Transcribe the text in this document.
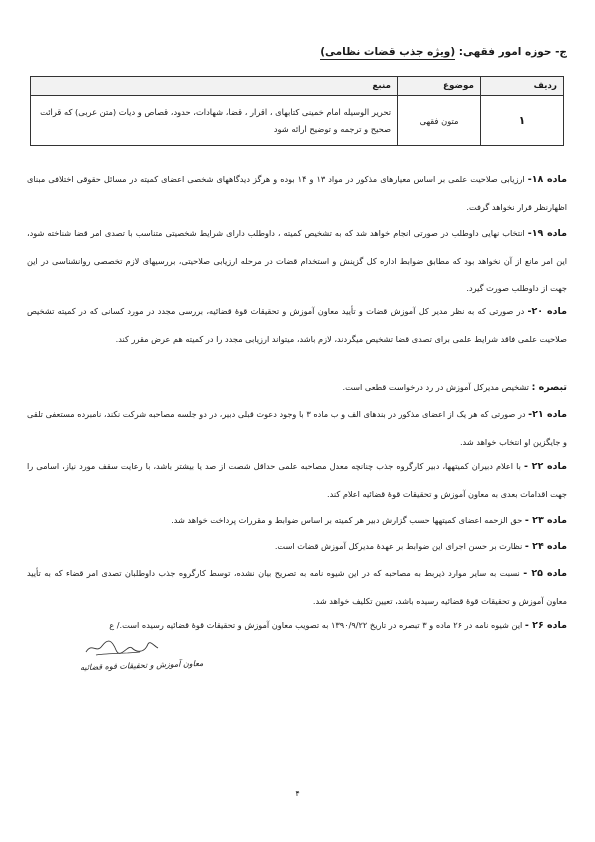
ج- حوزه امور فقهی: (ویژه جذب قضات نظامی)
ردیف	موضوع	منبع
۱	متون فقهی	تحریر الوسیله امام خمینی کتابهای ، اقرار ، قضا، شهادات، حدود، قصاص و دیات (متن عربی) که قرائت صحیح و ترجمه و توضیح ارائه شود

ماده ۱۸- ارزیابی صلاحیت علمی بر اساس معیارهای مذکور در مواد ۱۳ و ۱۴ بوده و هرگز دیدگاههای شخصی اعضای کمیته در مسائل حقوقی اختلافی مبنای اظهارنظر قرار نخواهد گرفت.

ماده ۱۹- انتخاب نهایی داوطلب در صورتی انجام خواهد شد که به تشخیص کمیته ، داوطلب دارای شرایط شخصیتی متناسب با تصدی امر قضا شناخته شود، این امر مانع از آن نخواهد بود که مطابق ضوابط اداره کل گزینش و استخدام قضات در مرحله ارزیابی صلاحیتی، بررسیهای لازم تخصصی روانشناسی در این جهت از داوطلب صورت گیرد.

ماده ۲۰- در صورتی که به نظر مدیر کل آموزش قضات و تأیید معاون آموزش و تحقیقات قوهٔ قضائیه، بررسی مجدد در مورد کسانی که در کمیته تشخیص صلاحیت علمی فاقد شرایط علمی برای تصدی قضا تشخیص میگردند، لازم باشد، میتواند ارزیابی مجدد را در کمیته هم عرض مقرر کند.

تبصره : تشخیص مدیرکل آموزش در رد درخواست قطعی است.

ماده ۲۱- در صورتی که هر یک از اعضای مذکور در بندهای الف و ب ماده ۳ با وجود دعوت قبلی دبیر، در دو جلسه مصاحبه شرکت نکند، نامبرده مستعفی تلقی و جایگزین او انتخاب خواهد شد.

ماده ۲۲ - با اعلام دبیران کمیتهها، دبیر کارگروه جذب چنانچه معدل مصاحبه علمی حداقل شصت از صد یا بیشتر باشد، با رعایت سقف مورد نیاز، اسامی را جهت اقدامات بعدی به معاون آموزش و تحقیقات قوهٔ قضائیه اعلام کند.

ماده ۲۳ - حق الزحمه اعضای کمیتهها حسب گزارش دبیر هر کمیته بر اساس ضوابط و مقررات پرداخت خواهد شد.

ماده ۲۴ - نظارت بر حسن اجرای این ضوابط بر عهدهٔ مدیرکل آموزش قضات است.

ماده ۲۵ - نسبت به سایر موارد ذیربط به مصاحبه که در این شیوه نامه به تصریح بیان نشده، توسط کارگروه جذب داوطلبان تصدی امر قضاء که به تأیید معاون آموزش و تحقیقات قوهٔ قضائیه رسیده باشد، تعیین تکلیف خواهد شد.

ماده ۲۶ - این شیوه نامه در ۲۶ ماده و ۳ تبصره در تاریخ ۱۳۹۰/۹/۲۲ به تصویب معاون آموزش و تحقیقات قوهٔ قضائیه رسیده است./ ع

معاون آموزش و تحقیقات قوه قضائیه
۴
